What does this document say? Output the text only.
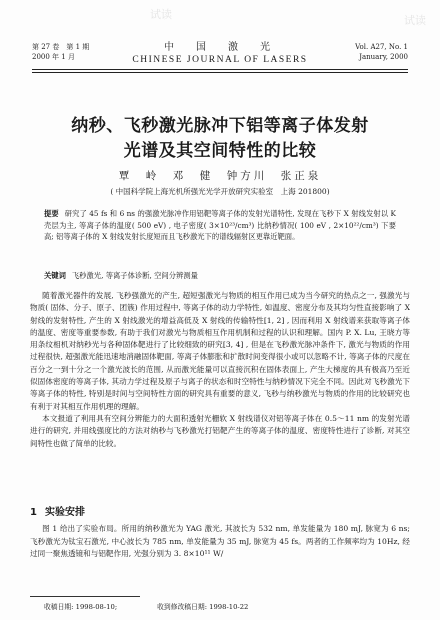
试读	试读
第 27 卷　第 1 期
2000 年 1 月
中　国　激　光
CHINESE JOURNAL OF LASERS
Vol. A27, No. 1
January, 2000
纳秒、飞秒激光脉冲下铝等离子体发射
光谱及其空间特性的比较
覃　岭　邓　健　钟方川　张正泉
( 中国科学院上海光机所强光光学开放研究实验室　上海 201800)
提要 研究了 45 fs 和 6 ns 的强激光脉冲作用铝靶等离子体的发射光谱特性, 发现在飞秒下 X 射线发射以 K 壳层为主, 等离子体的温度( 500 eV) , 电子密度( 3×10²³/cm³) 比纳秒情况( 100 eV , 2×10²²/cm³) 下要高; 铝等离子体的 X 射线发射长度短而且飞秒激光下的谱线辐射区更靠近靶面。
关键词 飞秒激光, 等离子体诊断, 空间分辨测量

随着激光器件的发展, 飞秒强激光的产生, 超短强激光与物质的相互作用已成为当今研究的热点之一, 强激光与物质( 固体、分子、原子、团簇) 作用过程中, 等离子体的动力学特性, 如温度、密度分布及其均匀性直接影响了 X 射线的发射特性, 产生的 X 射线激光的增益高低及 X 射线的传输特性[1, 2] , 因而利用 X 射线谱来获取等离子体的温度、密度等重要参数, 有助于我们对激光与物质相互作用机制和过程的认识和理解。国内 P. X. Lu, 王晓方等用条纹相机对纳秒光与各种固体靶进行了比较细致的研究[3, 4] , 但是在飞秒激光脉冲条件下, 激光与物质的作用过程很快, 超强激光能迅速地消融固体靶面, 等离子体膨胀和扩散时间变得很小或可以忽略不计, 等离子体的尺度在百分之一到十分之一个激光波长的范围, 从而激光能量可以直接沉积在固体表面上, 产生大梯度的具有极高乃至近似固体密度的等离子体, 其动力学过程及原子与离子的状态和时空特性与纳秒情况下完全不同。因此对飞秒激光下等离子体的特性, 特别是时间与空间特性方面的研究具有重要的意义, 飞秒与纳秒激光与物质的作用的比较研究也有利于对其相互作用机理的理解。

本文报道了利用具有空间分辨能力的大面积透射光栅软 X 射线谱仪对铝等离子体在 0.5～11 nm 的发射光谱进行的研究, 并用线强度比的方法对纳秒与飞秒激光打铝靶产生的等离子体的温度、密度特性进行了诊断, 对其空间特性也做了简单的比较。

1 实验安排

图 1 给出了实验布局。所用的纳秒激光为 YAG 激光, 其波长为 532 nm, 单发能量为 180 mJ, 脉宽为 6 ns; 飞秒激光为钛宝石激光, 中心波长为 785 nm, 单发能量为 35 mJ, 脉宽为 45 fs。两者的工作频率均为 10Hz, 经过同一聚焦透镜和与铝靶作用, 光强分别为 3. 8×10¹¹ W/

收稿日期: 1998-08-10;	收到修改稿日期: 1998-10-22
